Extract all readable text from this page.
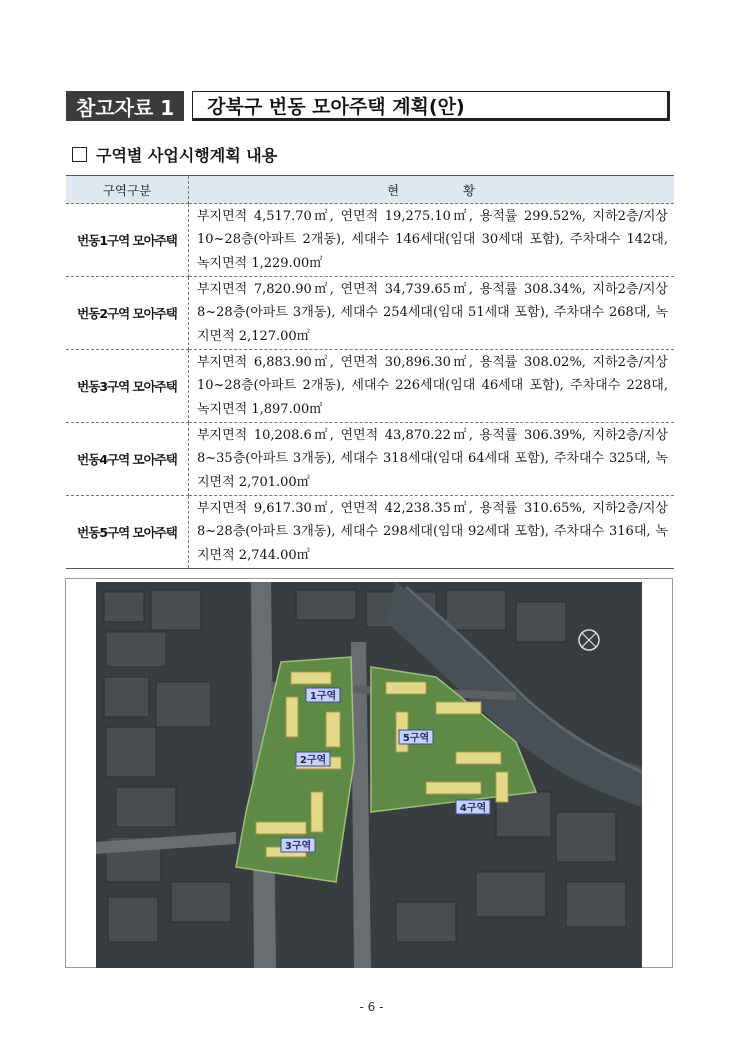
참고자료 1	강북구 번동 모아주택 계획(안)
구역별 사업시행계획 내용
구역구분	현 황
번동1구역 모아주택	부지면적 4,517.70㎡, 연면적 19,275.10㎡, 용적률 299.52%, 지하2층/지상10~28층(아파트 2개동), 세대수 146세대(임대 30세대 포함), 주차대수 142대, 녹지면적 1,229.00㎡
번동2구역 모아주택	부지면적 7,820.90㎡, 연면적 34,739.65㎡, 용적률 308.34%, 지하2층/지상8~28층(아파트 3개동), 세대수 254세대(임대 51세대 포함), 주차대수 268대, 녹지면적 2,127.00㎡
번동3구역 모아주택	부지면적 6,883.90㎡, 연면적 30,896.30㎡, 용적률 308.02%, 지하2층/지상10~28층(아파트 2개동), 세대수 226세대(임대 46세대 포함), 주차대수 228대, 녹지면적 1,897.00㎡
번동4구역 모아주택	부지면적 10,208.6㎡, 연면적 43,870.22㎡, 용적률 306.39%, 지하2층/지상8~35층(아파트 3개동), 세대수 318세대(임대 64세대 포함), 주차대수 325대, 녹지면적 2,701.00㎡
번동5구역 모아주택	부지면적 9,617.30㎡, 연면적 42,238.35㎡, 용적률 310.65%, 지하2층/지상8~28층(아파트 3개동), 세대수 298세대(임대 92세대 포함), 주차대수 316대, 녹지면적 2,744.00㎡
1구역
2구역
3구역
4구역
5구역
- 6 -
